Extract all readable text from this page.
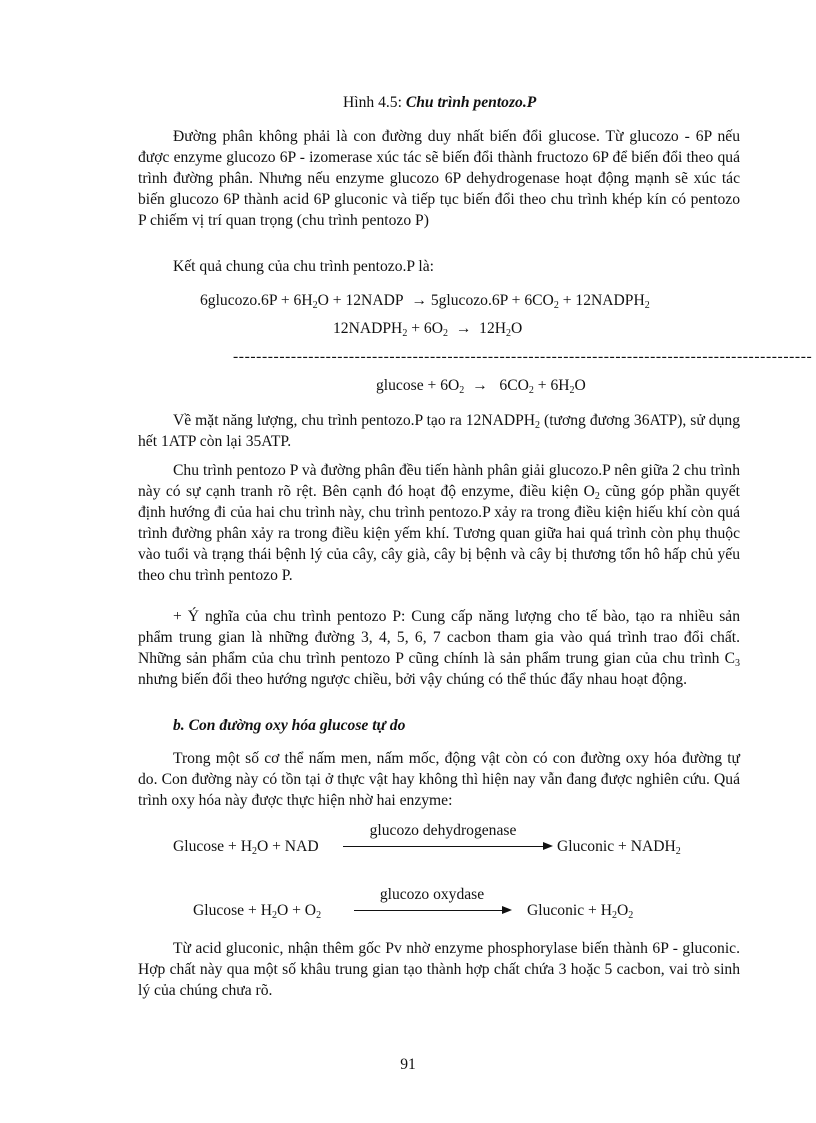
Hình 4.5: Chu trình pentozo.P

Đường phân không phải là con đường duy nhất biến đổi glucose. Từ glucozo - 6P nếu được enzyme glucozo 6P - izomerase xúc tác sẽ biến đổi thành fructozo 6P để biến đổi theo quá trình đường phân. Nhưng nếu enzyme glucozo 6P dehydrogenase hoạt động mạnh sẽ xúc tác biến glucozo 6P thành acid 6P gluconic và tiếp tục biến đổi theo chu trình khép kín có pentozo P chiếm vị trí quan trọng (chu trình pentozo P)

Kết quả chung của chu trình pentozo.P là:

6glucozo.6P + $6H_2O$ + 12NADP → 5glucozo.6P + $6CO_2$ + $12NADPH_2$
$12NADPH_2 + 6O_2 \to 12H_2O$
----------------------------------------------------------------------------------------------------
$glucose + 6O_2 \to 6CO_2 + 6H_2O$

Về mặt năng lượng, chu trình pentozo.P tạo ra $12NADPH_2$ (tương đương 36ATP), sử dụng hết 1ATP còn lại 35ATP.

Chu trình pentozo P và đường phân đều tiến hành phân giải glucozo.P nên giữa 2 chu trình này có sự cạnh tranh rõ rệt. Bên cạnh đó hoạt độ enzyme, điều kiện $O_2$ cũng góp phần quyết định hướng đi của hai chu trình này, chu trình pentozo.P xảy ra trong điều kiện hiếu khí còn quá trình đường phân xảy ra trong điều kiện yếm khí. Tương quan giữa hai quá trình còn phụ thuộc vào tuổi và trạng thái bệnh lý của cây, cây già, cây bị bệnh và cây bị thương tổn hô hấp chủ yếu theo chu trình pentozo P.

+ Ý nghĩa của chu trình pentozo P: Cung cấp năng lượng cho tế bào, tạo ra nhiều sản phẩm trung gian là những đường 3, 4, 5, 6, 7 cacbon tham gia vào quá trình trao đổi chất. Những sản phẩm của chu trình pentozo P cũng chính là sản phẩm trung gian của chu trình $C_3$ nhưng biến đổi theo hướng ngược chiều, bởi vậy chúng có thể thúc đẩy nhau hoạt động.

b. Con đường oxy hóa glucose tự do

Trong một số cơ thể nấm men, nấm mốc, động vật còn có con đường oxy hóa đường tự do. Con đường này có tồn tại ở thực vật hay không thì hiện nay vẫn đang được nghiên cứu. Quá trình oxy hóa này được thực hiện nhờ hai enzyme:

glucozo dehydrogenase
$Glucose + H_2O$ + NAD	Gluconic + $NADH_2$
glucozo oxydase
$Glucose + H_2O + O_2$	Gluconic + $H_2O_2$

Từ acid gluconic, nhận thêm gốc Pv nhờ enzyme phosphorylase biến thành 6P - gluconic. Hợp chất này qua một số khâu trung gian tạo thành hợp chất chứa 3 hoặc 5 cacbon, vai trò sinh lý của chúng chưa rõ.

91
